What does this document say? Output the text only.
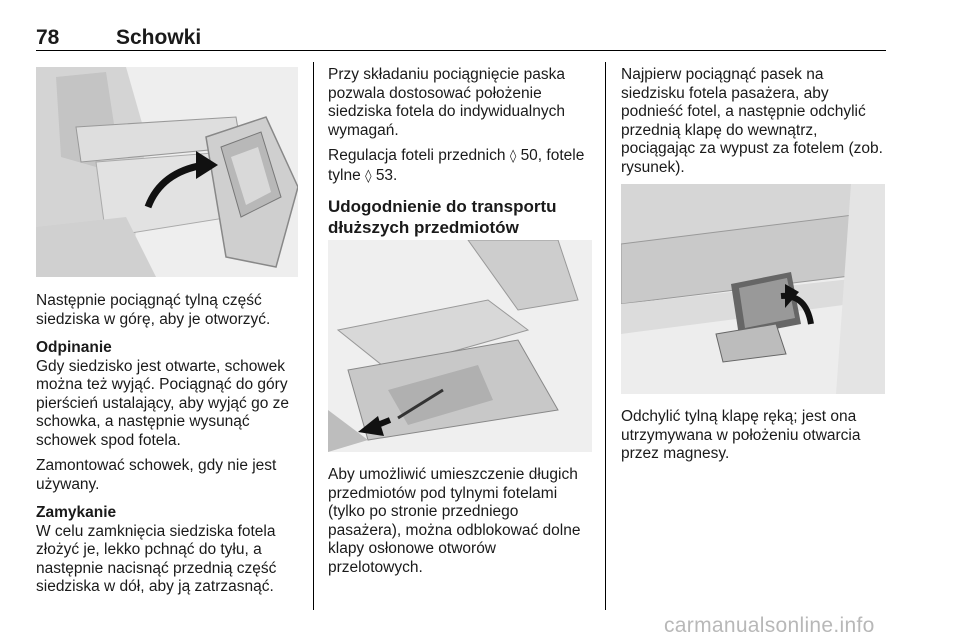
78	Schowki

Następnie pociągnąć tylną część siedziska w górę, aby je otworzyć.

Odpinanie

Gdy siedzisko jest otwarte, schowek można też wyjąć. Pociągnąć do góry pierścień ustalający, aby wyjąć go ze schowka, a następnie wysunąć schowek spod fotela.

Zamontować schowek, gdy nie jest używany.

Zamykanie

W celu zamknięcia siedziska fotela złożyć je, lekko pchnąć do tyłu, a następnie nacisnąć przednią część siedziska w dół, aby ją zatrzasnąć.

Przy składaniu pociągnięcie paska pozwala dostosować położenie siedziska fotela do indywidualnych wymagań.

Regulacja foteli przednich ◊ 50, fotele tylne ◊ 53.

Udogodnienie do transportu dłuższych przedmiotów

Aby umożliwić umieszczenie długich przedmiotów pod tylnymi fotelami (tylko po stronie przedniego pasażera), można odblokować dolne klapy osłonowe otworów przelotowych.

Najpierw pociągnąć pasek na siedzisku fotela pasażera, aby podnieść fotel, a następnie odchylić przednią klapę do wewnątrz, pociągając za wypust za fotelem (zob. rysunek).

Odchylić tylną klapę ręką; jest ona utrzymywana w położeniu otwarcia przez magnesy.

carmanualsonline.info
